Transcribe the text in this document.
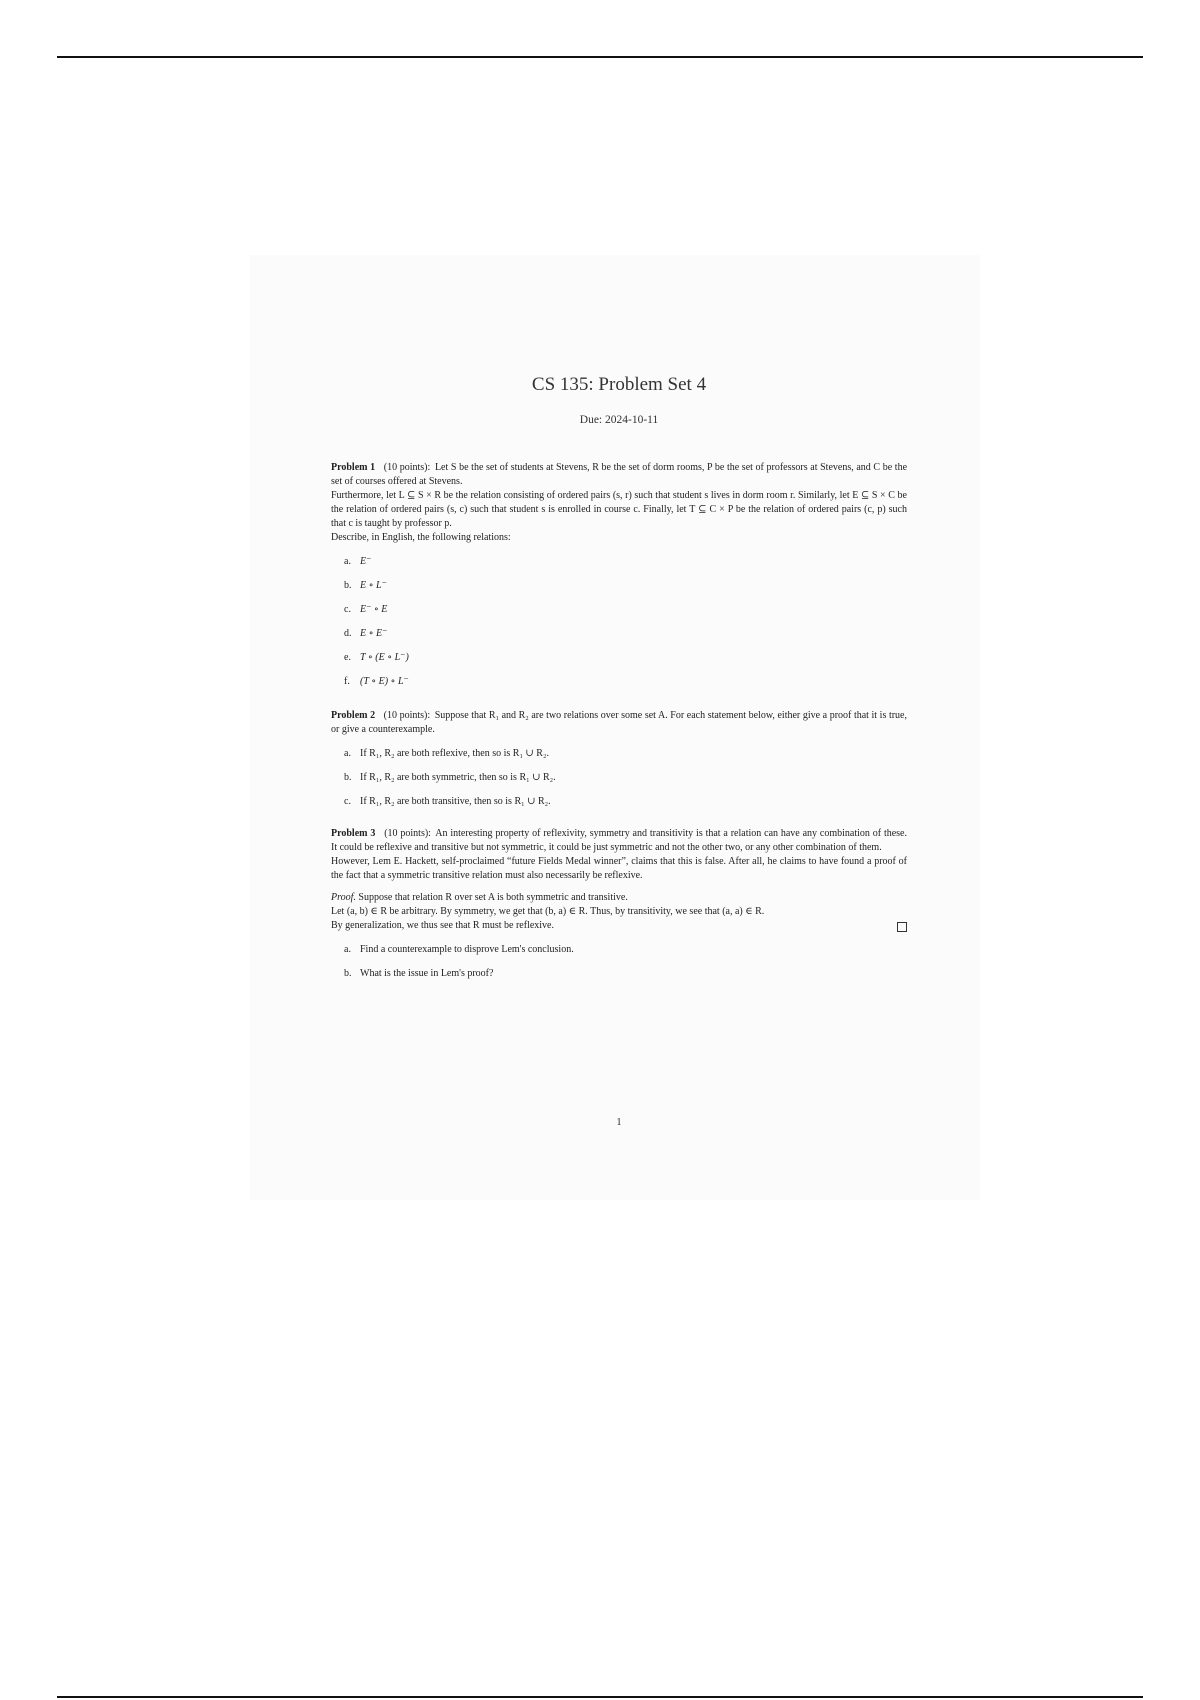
CS 135: Problem Set 4
Due: 2024-10-11

Problem 1 (10 points): Let S be the set of students at Stevens, R be the set of dorm rooms, P be the set of professors at Stevens, and C be the set of courses offered at Stevens.

Furthermore, let L ⊆ S × R be the relation consisting of ordered pairs (s, r) such that student s lives in dorm room r. Similarly, let E ⊆ S × C be the relation of ordered pairs (s, c) such that student s is enrolled in course c. Finally, let T ⊆ C × P be the relation of ordered pairs (c, p) such that c is taught by professor p.

Describe, in English, the following relations:

a. E⁻
b. E ∘ L⁻
c. E⁻ ∘ E
d. E ∘ E⁻
e. T ∘ (E ∘ L⁻)
f.	(T ∘ E) ∘ L⁻

Problem 2 (10 points): Suppose that R₁ and R₂ are two relations over some set A. For each statement below, either give a proof that it is true, or give a counterexample.

a. If R₁, R₂ are both reflexive, then so is R₁ ∪ R₂.
b. If R₁, R₂ are both symmetric, then so is R₁ ∪ R₂.
c. If R₁, R₂ are both transitive, then so is R₁ ∪ R₂.

Problem 3 (10 points): An interesting property of reflexivity, symmetry and transitivity is that a relation can have any combination of these. It could be reflexive and transitive but not symmetric, it could be just symmetric and not the other two, or any other combination of them.

However, Lem E. Hackett, self-proclaimed “future Fields Medal winner”, claims that this is false. After all, he claims to have found a proof of the fact that a symmetric transitive relation must also necessarily be reflexive.

Proof. Suppose that relation R over set A is both symmetric and transitive.

Let (a, b) ∈ R be arbitrary. By symmetry, we get that (b, a) ∈ R. Thus, by transitivity, we see that (a, a) ∈ R.

By generalization, we thus see that R must be reflexive.

a. Find a counterexample to disprove Lem's conclusion.
b. What is the issue in Lem's proof?
1
